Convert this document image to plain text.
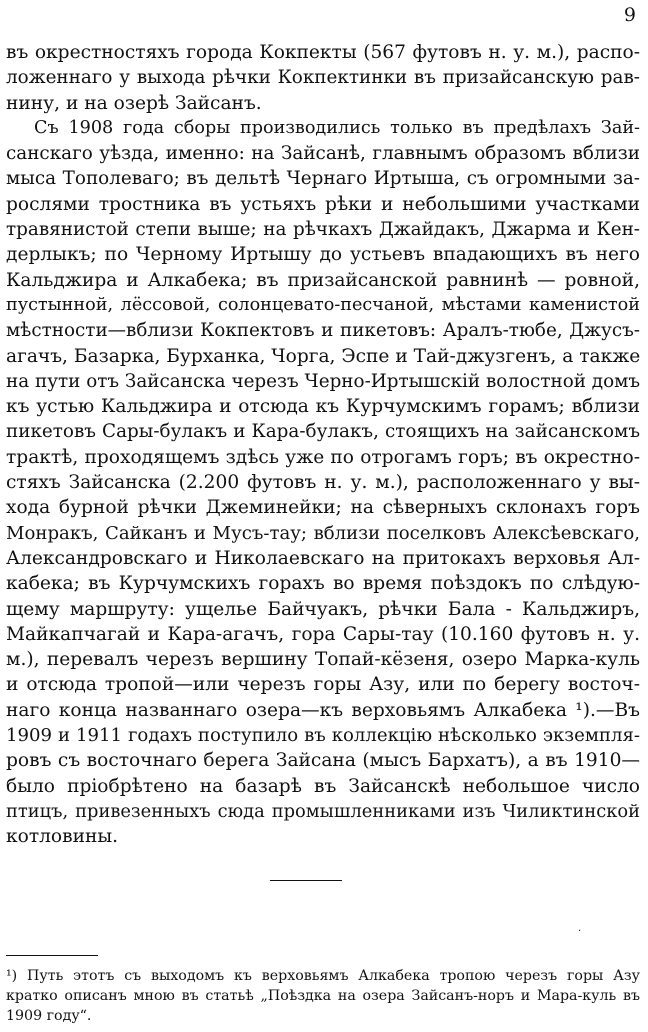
9
въ окрестностяхъ города Кокпекты (567 футовъ н. у. м.), распо-
ложеннаго у выхода рѣчки Кокпектинки въ призайсанскую рав-
нину, и на озерѣ Зайсанъ.
Съ 1908 года сборы производились только въ предѣлахъ Зай-
санскаго уѣзда, именно: на Зайсанѣ, главнымъ образомъ вблизи
мыса Тополеваго; въ дельтѣ Чернаго Иртыша, съ огромными за-
рослями тростника въ устьяхъ рѣки и небольшими участками
травянистой степи выше; на рѣчкахъ Джайдакъ, Джарма и Кен-
дерлыкъ; по Черному Иртышу до устьевъ впадающихъ въ него
Кальджира и Алкабека; въ призайсанской равнинѣ — ровной,
пустынной, лёссовой, солонцевато-песчаной, мѣстами каменистой
мѣстности—вблизи Кокпектовъ и пикетовъ: Аралъ-тюбе, Джусъ-
агачъ, Базарка, Бурханка, Чорга, Эспе и Тай-джузгенъ, а также
на пути отъ Зайсанска черезъ Черно-Иртышскій волостной домъ
къ устью Кальджира и отсюда къ Курчумскимъ горамъ; вблизи
пикетовъ Сары-булакъ и Кара-булакъ, стоящихъ на зайсанскомъ
трактѣ, проходящемъ здѣсь уже по отрогамъ горъ; въ окрестно-
стяхъ Зайсанска (2.200 футовъ н. у. м.), расположеннаго у вы-
хода бурной рѣчки Джеминейки; на сѣверныхъ склонахъ горъ
Монракъ, Сайканъ и Мусъ-тау; вблизи поселковъ Алексѣевскаго,
Александровскаго и Николаевскаго на притокахъ верховья Ал-
кабека; въ Курчумскихъ горахъ во время поѣздокъ по слѣдую-
щему маршруту: ущелье Байчуакъ, рѣчки Бала - Кальджиръ,
Майкапчагай и Кара-агачъ, гора Сары-тау (10.160 футовъ н. у.
м.), перевалъ черезъ вершину Топай-кёзеня, озеро Марка-куль
и отсюда тропой—или черезъ горы Азу, или по берегу восточ-
наго конца названнаго озера—къ верховьямъ Алкабека ¹).—Въ
1909 и 1911 годахъ поступило въ коллекцію нѣсколько экземпля-
ровъ съ восточнаго берега Зайсана (мысъ Бархатъ), а въ 1910—
было пріобрѣтено на базарѣ въ Зайсанскѣ небольшое число
птицъ, привезенныхъ сюда промышленниками изъ Чиликтинской
котловины.
·
¹) Путь этотъ съ выходомъ къ верховьямъ Алкабека тропою черезъ горы Азу
кратко описанъ мною въ статьѣ „Поѣздка на озера Зайсанъ-норъ и Мара-куль въ
1909 году“.
